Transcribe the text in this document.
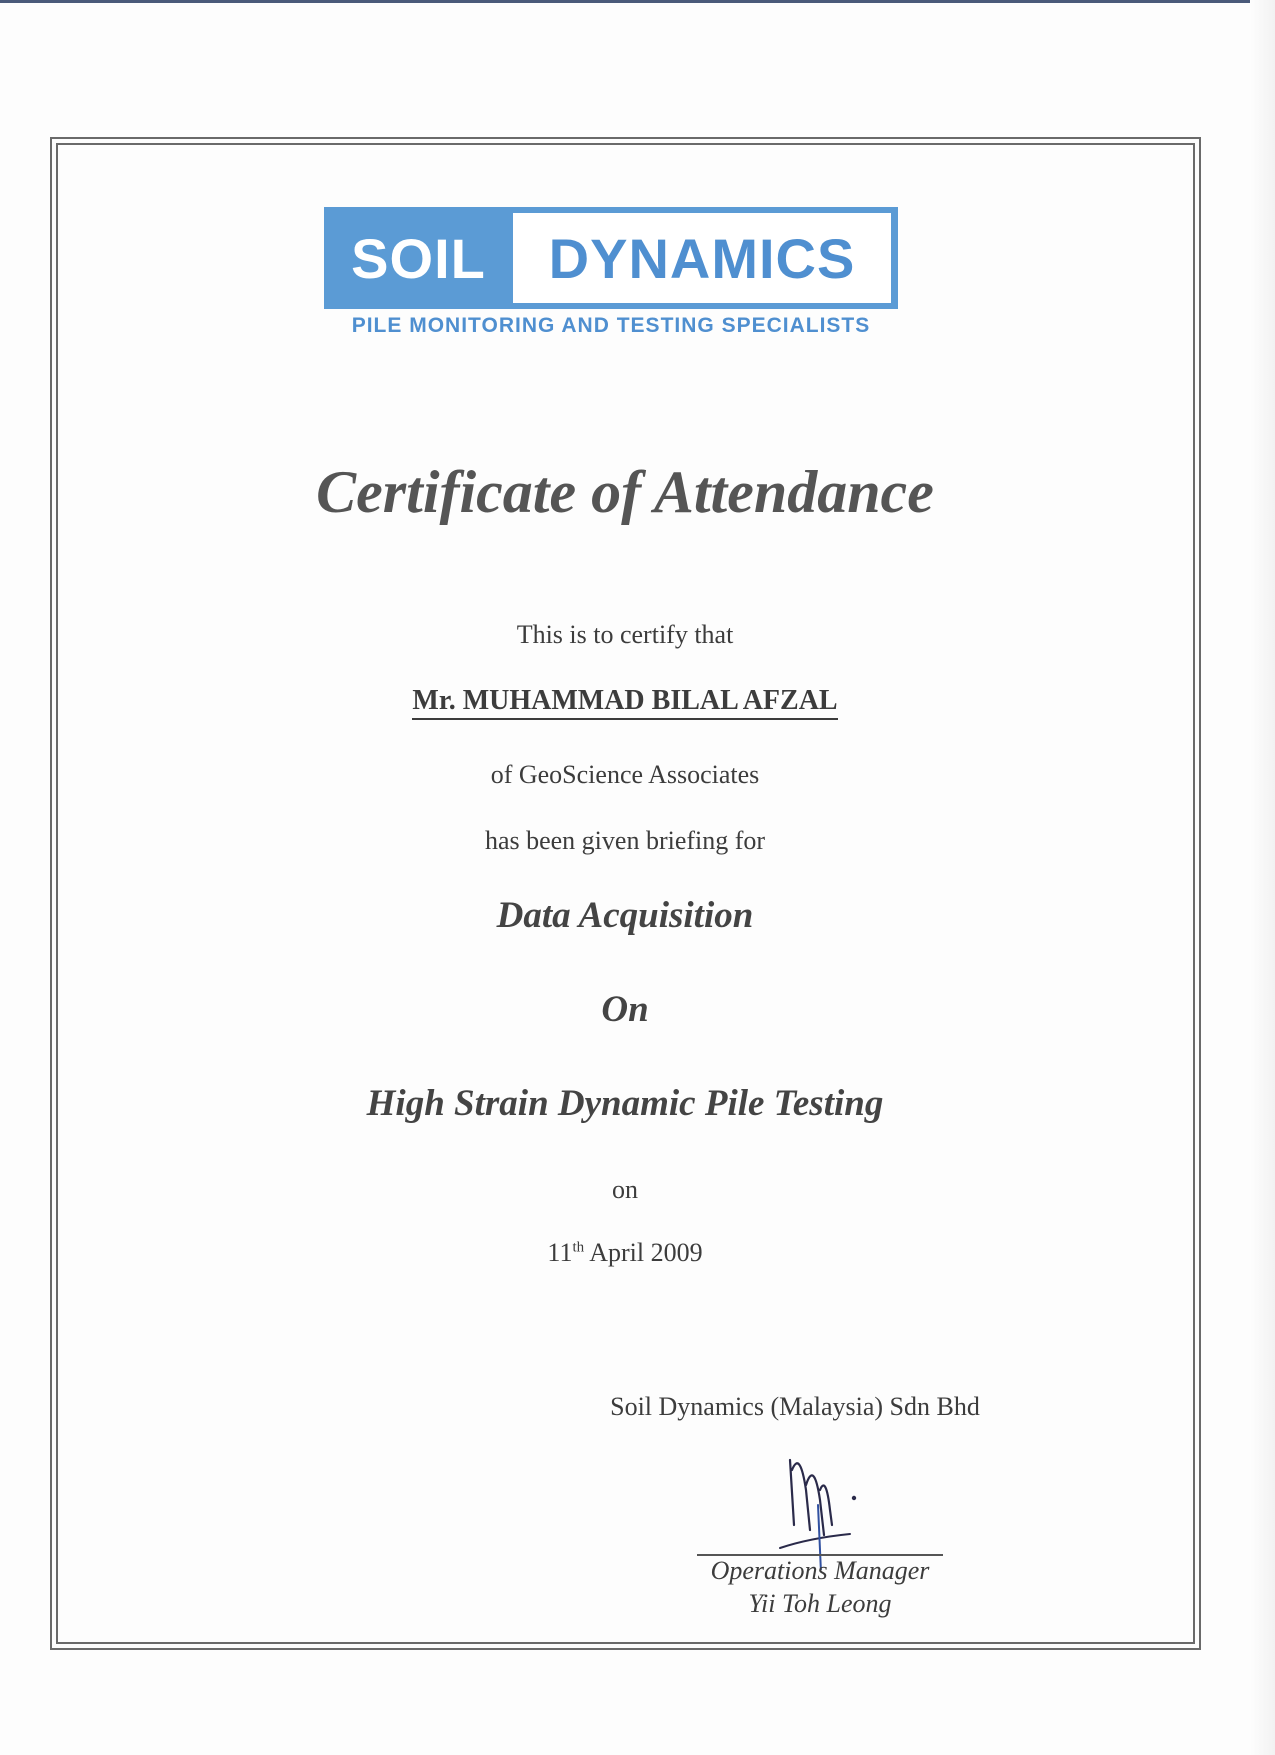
SOIL	DYNAMICS
PILE MONITORING AND TESTING SPECIALISTS
Certificate of Attendance
This is to certify that
Mr. MUHAMMAD BILAL AFZAL
of GeoScience Associates
has been given briefing for
Data Acquisition
On
High Strain Dynamic Pile Testing
on
11th April 2009
Soil Dynamics (Malaysia) Sdn Bhd
Operations Manager
Yii Toh Leong
